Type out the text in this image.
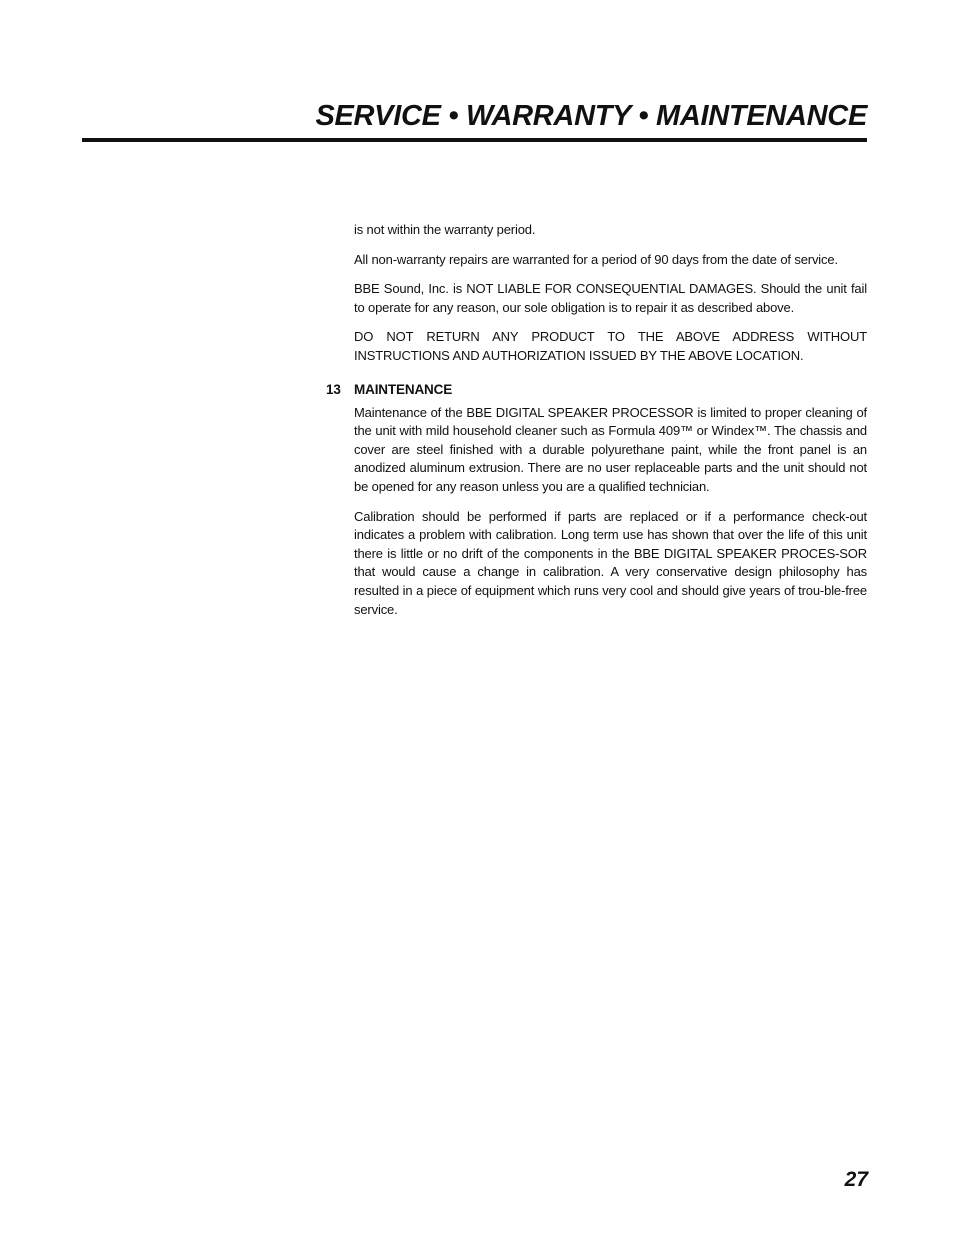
SERVICE • WARRANTY • MAINTENANCE

is not within the warranty period.

All non-warranty repairs are warranted for a period of 90 days from the date of service.

BBE Sound, Inc. is NOT LIABLE FOR CONSEQUENTIAL DAMAGES. Should the unit fail to operate for any reason, our sole obligation is to repair it as described above.

DO NOT RETURN ANY PRODUCT TO THE ABOVE ADDRESS WITHOUT INSTRUCTIONS AND AUTHORIZATION ISSUED BY THE ABOVE LOCATION.

13 MAINTENANCE

Maintenance of the BBE DIGITAL SPEAKER PROCESSOR is limited to proper cleaning of the unit with mild household cleaner such as Formula 409™ or Windex™. The chassis and cover are steel finished with a durable polyurethane paint, while the front panel is an anodized aluminum extrusion. There are no user replaceable parts and the unit should not be opened for any reason unless you are a qualified technician.

Calibration should be performed if parts are replaced or if a performance check-out indicates a problem with calibration. Long term use has shown that over the life of this unit there is little or no drift of the components in the BBE DIGITAL SPEAKER PROCES-SOR that would cause a change in calibration. A very conservative design philosophy has resulted in a piece of equipment which runs very cool and should give years of trou-ble-free service.

27
